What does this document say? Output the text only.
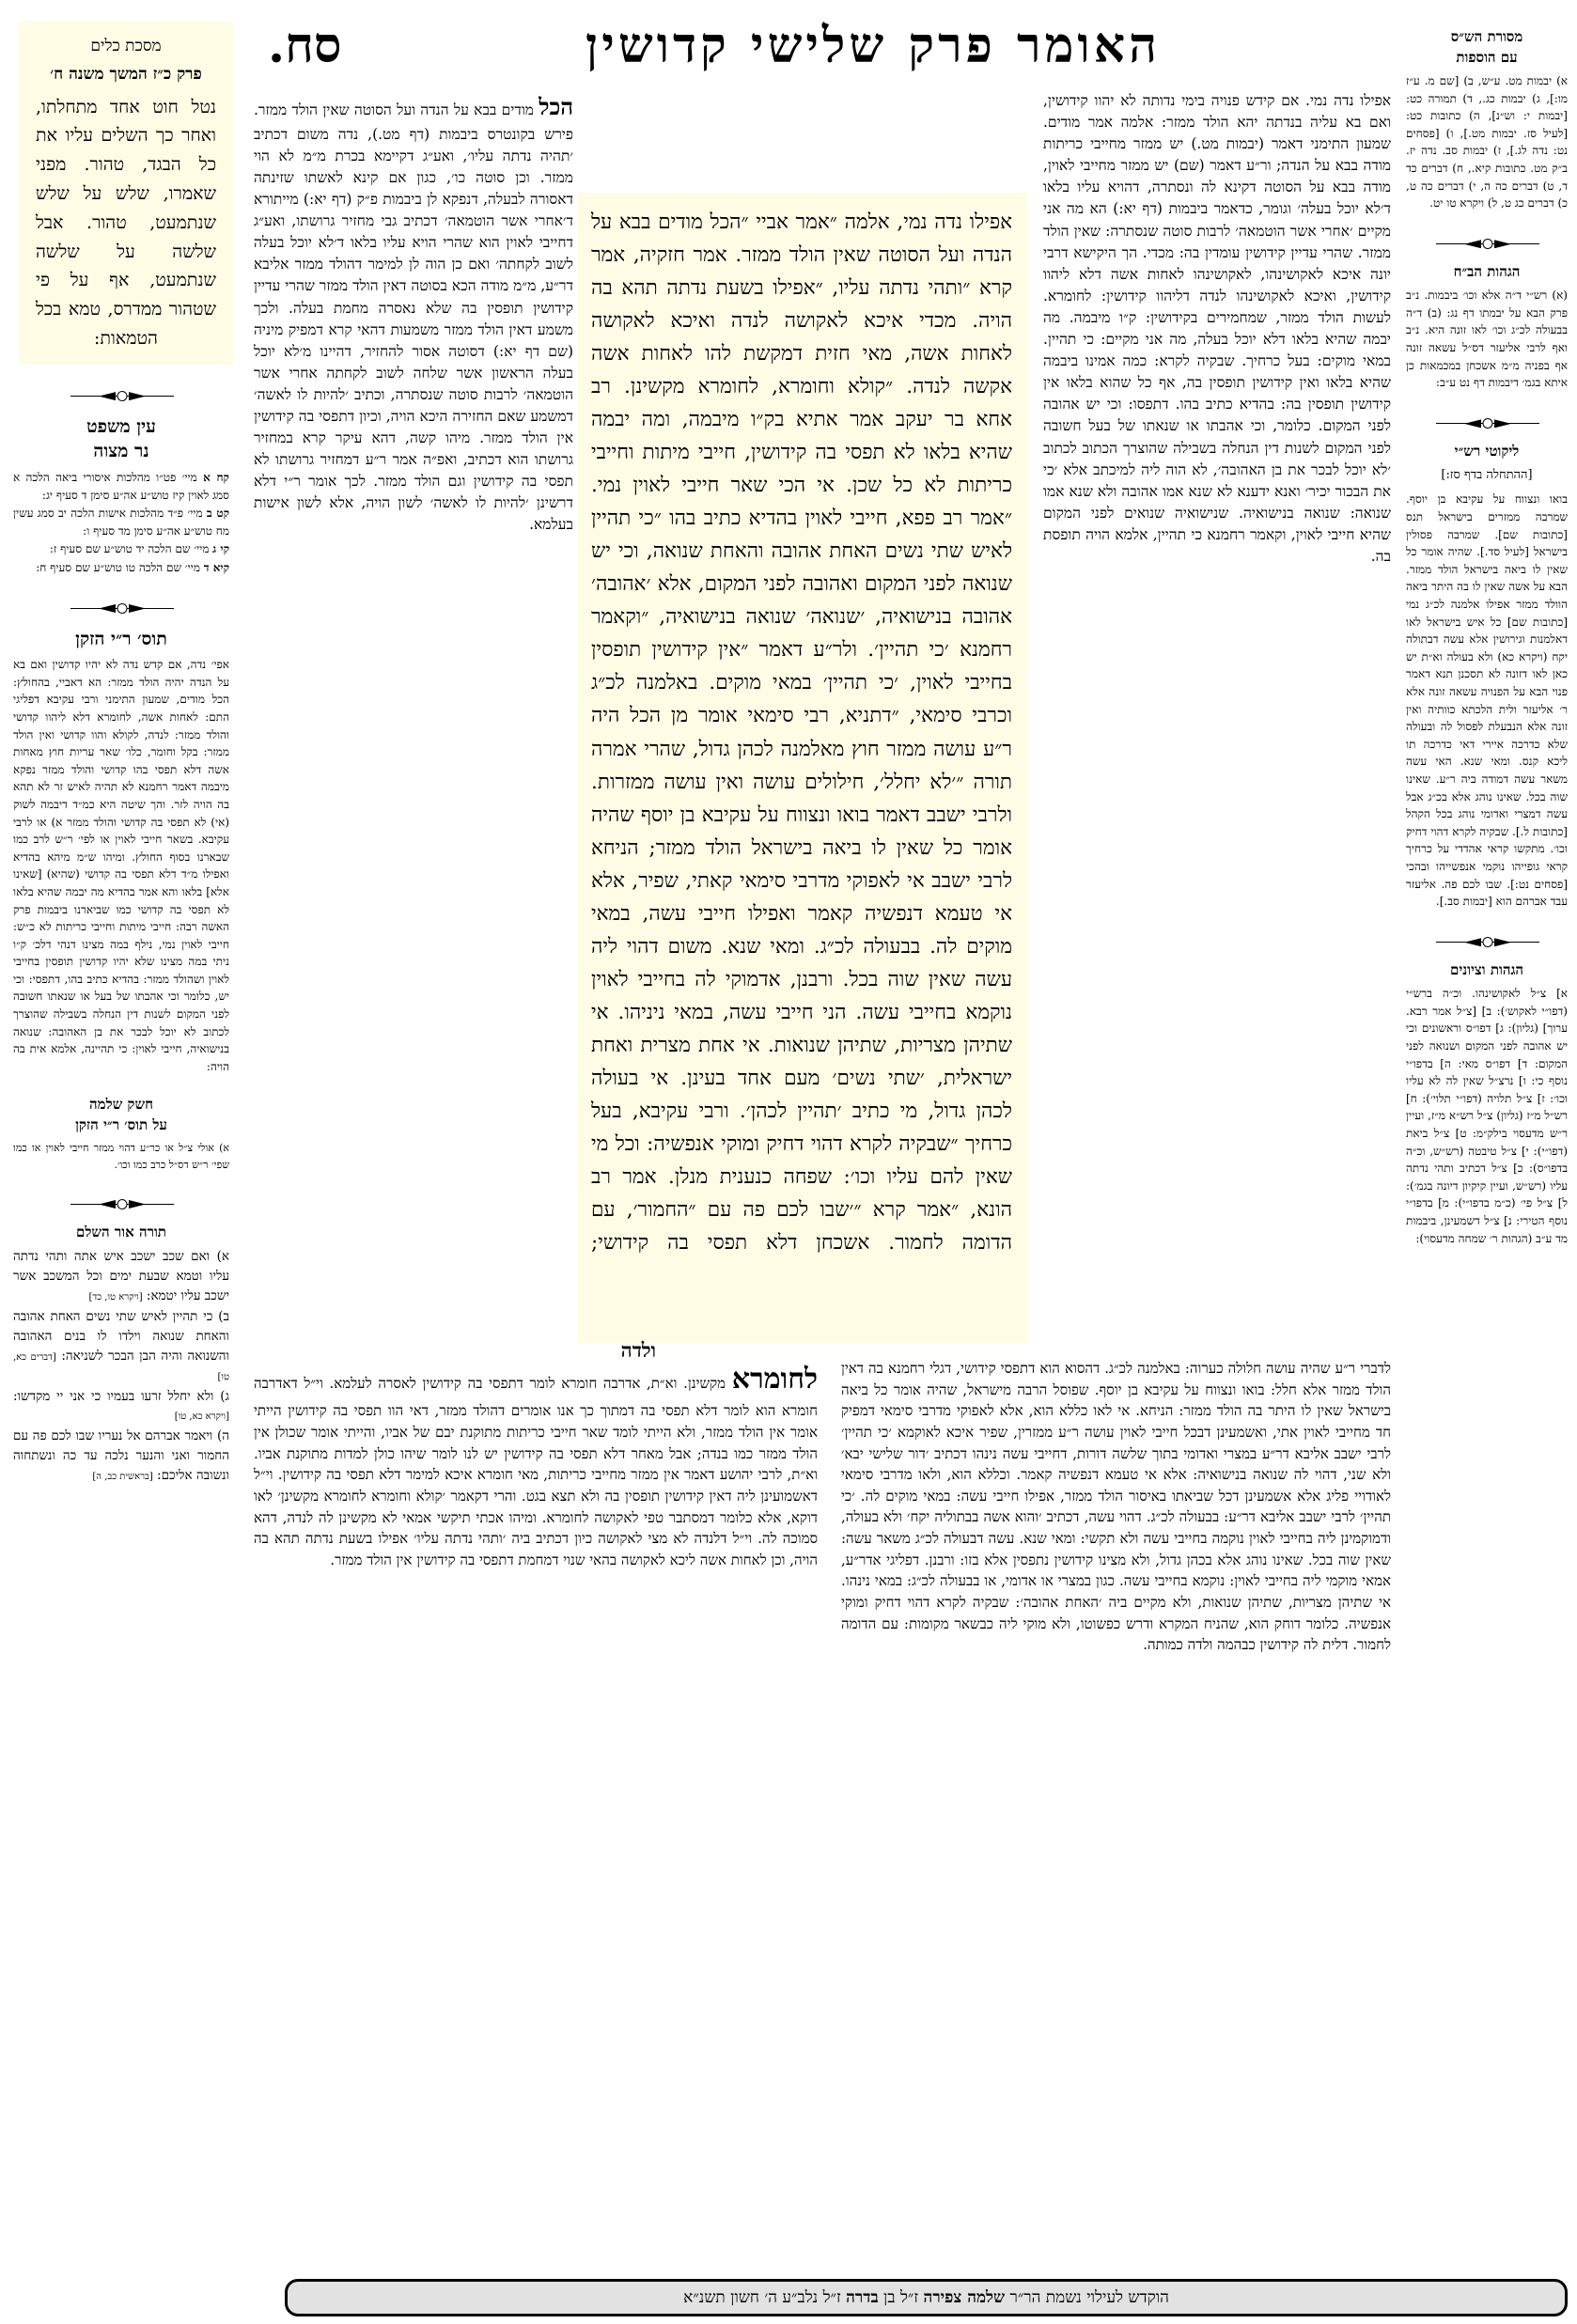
האומר פרק שלישי קדושין
סח.
מסכת כלים
פרק כ״ז המשך משנה ח׳
נטל חוט אחד מתחלתו, ואחר כך השלים עליו את כל הבגד, טהור. מפני שאמרו, שלש על שלש שנתמעט, טהור. אבל שלשה על שלשה שנתמעט, אף על פי שטהור ממדרס, טמא בכל הטמאות:
עין משפט
נר מצוה
קח א מיי׳ פט״ו מהלכות איסורי ביאה הלכה א סמג לאוין קיז טוש״ע אה״ע סימן ד סעיף יג:
קט ב מיי׳ פ״ד מהלכות אישות הלכה יב סמג עשין מח טוש״ע אה״ע סימן מד סעיף ו:
קי ג מיי׳ שם הלכה יד טוש״ע שם סעיף ז:
קיא ד מיי׳ שם הלכה טו טוש״ע שם סעיף ח:
תוס׳ ר״י הזקן
אפי׳ נדה, אם קדש נדה לא יהיו קדושין ואם בא על הנדה יהיה הולד ממזר: הא דאביי, בהחולץ: הכל מודים, שמעון התימני ורבי עקיבא דפליגי התם: לאחות אשה, לחומרא דלא ליהוו קדושי והולד ממזר: לנדה, לקולא והוו קדושי ואין הולד ממזר: בקל וחומר, כלו׳ שאר עריות חוץ מאחות אשה דלא תפסי בהו קדושי והולד ממזר נפקא מיבמה דאמר רחמנא לא תהיה לאיש זר לא תהא בה הויה לזר. והך שיטה היא כמ״ד דיבמה לשוק (אי) לא תפסי בה קדושי והולד ממזר א) או לרבי עקיבא. בשאר חייבי לאוין או לפי׳ ר״ש לרב כמו שבארנו בסוף החולץ. ומיהו ש״מ מיהא בהדיא ואפילו מ״ד דלא תפסי בה קדושי (שהיא) [שאינו אלא] בלאו והא אמר בהדיא מה יבמה שהיא בלאו לא תפסי בה קדושי כמו שביארנו ביבמות פרק האשה רבה: חייבי מיתות וחייבי כריתות לא כ״ש: חייבי לאוין נמי, נילף במה מצינו דנהי דלכ׳ ק״ו ניתי במה מצינו שלא יהיו קדושין תופסין בחייבי לאוין ושהולד ממזר: בהדיא כתיב בהו, דתפסי: וכי יש, כלומר וכי אהבתו של בעל או שנאתו חשובה לפני המקום לשנות דין הנחלה בשבילה שהוצרך לכתוב לא יוכל לבכר את בן האהובה: שנואה בנישואיה, חייבי לאוין: כי תהיינה, אלמא אית בה הויה:
חשק שלמה
על תוס׳ ר״י הזקן
א) אולי צ״ל או כר״ע דהוי ממזר חייבי לאוין או כמו שפי׳ ר״ש דס״ל כרב כמו וכו׳.
תורה אור השלם
א) ואם שכב ישכב איש אתה ותהי נדתה עליו וטמא שבעת ימים וכל המשכב אשר ישכב עליו יטמא: [ויקרא טו, כד]
ב) כי תהיין לאיש שתי נשים האחת אהובה והאחת שנואה וילדו לו בנים האהובה והשנואה והיה הבן הבכר לשניאה: [דברים כא, טו]
ג) ולא יחלל זרעו בעמיו כי אני יי מקדשו: [ויקרא כא, טו]
ה) ויאמר אברהם אל נעריו שבו לכם פה עם החמור ואני והנער נלכה עד כה ונשתחוה ונשובה אליכם: [בראשית כב, ה]
מסורת הש״ס
עם הוספות
א) יבמות מט. ע״ש, ב) [שם מ. ע״ז מו:], ג) יבמות כג., ד) תמורה כט: [יבמות י: וש״נ], ה) כתובות כט: [לעיל סז. יבמות מט.], ו) [פסחים נט: נדה לג.], ז) יבמות סב. נדה יז. ב״ק מט. כתובות קיא., ח) דברים כד ד, ט) דברים כה ה, י) דברים כה ט, כ) דברים כג ט, ל) ויקרא טו יט.
הגהות הב״ח
(א) רש״י ד״ה אלא וכו׳ ביבמות. נ״ב פרק הבא על יבמתו דף נג: (ב) ד״ה בבעולה לכ״ג וכו׳ לאו זונה היא. נ״ב ואף לרבי אליעזר דס״ל עשאה זונה אף בפניה מ״מ אשכחן במכמאות כן איתא בגמ׳ דיבמות דף נט ע״ב:
ליקוטי רש״י
[ההתחלה בדף סז:]
בואו ונצווח על עקיבא בן יוסף. שמרבה ממזרים בישראל תנס [כתובות שם]. שמרבה פסולין בישראל [לעיל סד.]. שהיה אומר כל שאין לו ביאה בישראל הולד ממזר. הבא על אשה שאין לו בה היתר ביאה הוולד ממזר אפילו אלמנה לכ״ג נמי [כתובות שם] כל איש בישראל לאו דאלמנות וגירושין אלא עשה דבתולה יקח (ויקרא כא) ולא בעולה וא״ת יש כאן לאו דזונה לא תסכנן תנא דאמר פנוי הבא על הפנויה עשאה זונה אלא ר׳ אליעזר ולית הלכתא כוותיה ואין זונה אלא הנבעלת לפסול לה ובעולה שלא כדרכה איירי דאי כדרכה תו ליכא קנס. ומאי שנא. האי עשה משאר עשה דמודה ביה ר״ע. שאינו שוה בכל. שאינו נוהג אלא בכ״ג אבל עשה דמצרי ואדומי נוהג בכל הקהל [כתובות ל.]. שבקיה לקרא דהוי דחיק וכו׳. מתקשו קראי אהדדי על כרחיך קראי גופייהו נוקמי אנפשייהו ובהכי [פסחים נט:]. שבו לכם פה. אליעזר עבד אברהם הוא [יבמות סב.].
הגהות וציונים
א] צ״ל לאקושינהו. וכ״ה ברש״י (דפו״י לאקוש׳): ב] [צ״ל אמר רבא. ערוך] (גליון): ג] דפו״ס וראשונים וכי יש אהובה לפני המקום ושנואה לפני המקום: ד] דפו״ס מאי: ה] בדפו״י נוסף כי: ו] נרצ״ל שאין לה לא עליו וכו׳: ז] צ״ל תלויה (דפו״י תלוי׳): ח] רש״ל מ״ז (גליון) צ״ל רש״א מ״ז, ועיין ר״ש מדעסוי בילק״מ: ט] צ״ל ביאת (דפו״י): י] צ״ל טיבטה (רש״ש, וכ״ה בדפו״ס): כ] צ״ל דכתיב ותהי נדתה עליו (רש״ש, ועיין קיקיון דיונה בגמ׳): ל] צ״ל פי׳ (כ״מ בדפו״י): מ] בדפו״י נוסף הטירי: נ] צ״ל דשמעינן, ביבמות מד ע״ב (הגהות ר׳ שמחה מדעסוי):
אפילו נדה נמי. אם קידש פנויה בימי נדותה לא יהוו קידושין, ואם בא עליה בנדתה יהא הולד ממזר: אלמה אמר מודים. שמעון התימני דאמר (יבמות מט.) יש ממזר מחייבי כריתות מודה בבא על הנדה; ור״ע דאמר (שם) יש ממזר מחייבי לאוין, מודה בבא על הסוטה דקינא לה ונסתרה, דהויא עליו בלאו ד׳לא יוכל בעלה׳ וגומר, כדאמר ביבמות (דף יא:) הא מה אני מקיים ׳אחרי אשר הוטמאה׳ לרבות סוטה שנסתרה: שאין הולד ממזר. שהרי עדיין קידושין עומדין בה: מכדי. הך היקישא דרבי יונה איכא לאקושינהו, לאקושינהו לאחות אשה דלא ליהוו קידושין, ואיכא לאקושינהו לנדה דליהוו קידושין: לחומרא. לעשות הולד ממזר, שמחמירים בקידושין: ק״ו מיבמה. מה יבמה שהיא בלאו דלא יוכל בעלה, מה אני מקיים: כי תהיין. במאי מוקים: בעל כרחיך. שבקיה לקרא: כמה אמינו ביבמה שהיא בלאו ואין קידושין תופסין בה, אף כל שהוא בלאו אין קידושין תופסין בה: בהדיא כתיב בהו. דתפסו: וכי יש אהובה לפני המקום. כלומר, וכי אהבתו או שנאתו של בעל חשובה לפני המקום לשנות דין הנחלה בשבילה שהוצרך הכתוב לכתוב ׳לא יוכל לבכר את בן האהובה׳, לא הוה ליה למיכתב אלא ׳כי את הבכור יכיר׳ ואנא ידענא לא שנא אמו אהובה ולא שנא אמו שנואה: שנואה בנישואיה. שנישואיה שנואים לפני המקום שהיא חייבי לאוין, וקאמר רחמנא כי תהיין, אלמא הויה תופסת בה.
הכל מודים בבא על הנדה ועל הסוטה שאין הולד ממזר. פירש בקונטרס ביבמות (דף מט.), נדה משום דכתיב ׳תהיה נדתה עליו׳, ואע״ג דקיימא בכרת מ״מ לא הוי ממזר. וכן סוטה כו׳, כגון אם קינא לאשתו שזינתה דאסורה לבעלה, דנפקא לן ביבמות פ״ק (דף יא:) מייתורא ד׳אחרי אשר הוטמאה׳ דכתיב גבי מחזיר גרושתו, ואע״ג דחייבי לאוין הוא שהרי הויא עליו בלאו ד׳לא יוכל בעלה לשוב לקחתה׳ ואם כן הוה לן למימר דהולד ממזר אליבא דר״ע, מ״מ מודה הכא בסוטה דאין הולד ממזר שהרי עדיין קידושין תופסין בה שלא נאסרה מחמת בעלה. ולכך משמע דאין הולד ממזר משמעות דהאי קרא דמפיק מיניה (שם דף יא:) דסוטה אסור להחזיר, דהיינו מ׳לא יוכל בעלה הראשון אשר שלחה לשוב לקחתה אחרי אשר הוטמאה׳ לרבות סוטה שנסתרה, וכתיב ׳להיות לו לאשה׳ דמשמע שאם החזירה היכא הויה, וכיון דתפסי בה קידושין אין הולד ממזר. מיהו קשה, דהא עיקר קרא במחזיר גרושתו הוא דכתיב, ואפ״ה אמר ר״ע דמחזיר גרושתו לא תפסי בה קידושין וגם הולד ממזר. לכך אומר ר״י דלא דרשינן ׳להיות לו לאשה׳ לשון הויה, אלא לשון אישות בעלמא.

אפילו נדה נמי, אלמה ״אמר אביי ״הכל מודים בבא על הנדה ועל הסוטה שאין הולד ממזר. אמר חזקיה, אמר קרא ״ותהי נדתה עליו, ״אפילו בשעת נדתה תהא בה הויה. מכדי איכא לאקושה לנדה ואיכא לאקושה לאחות אשה, מאי חזית דמקשת להו לאחות אשה אקשה לנדה. ״קולא וחומרא, לחומרא מקשינן. רב אחא בר יעקב אמר אתיא בק״ו מיבמה, ומה יבמה שהיא בלאו לא תפסי בה קידושין, חייבי מיתות וחייבי כריתות לא כל שכן. אי הכי שאר חייבי לאוין נמי. ״אמר רב פפא, חייבי לאוין בהדיא כתיב בהו ״כי תהיין לאיש שתי נשים האחת אהובה והאחת שנואה, וכי יש שנואה לפני המקום ואהובה לפני המקום, אלא ׳אהובה׳ אהובה בנישואיה, ׳שנואה׳ שנואה בנישואיה, ״וקאמר רחמנא ׳כי תהיין׳. ולר״ע דאמר ״אין קידושין תופסין בחייבי לאוין, ׳כי תהיין׳ במאי מוקים. באלמנה לכ״ג וכרבי סימאי, ״דתניא, רבי סימאי אומר מן הכל היה ר״ע עושה ממזר חוץ מאלמנה לכהן גדול, שהרי אמרה תורה ״׳לא יחלל׳, חילולים עושה ואין עושה ממזרות. ולרבי ישבב דאמר בואו ונצווח על עקיבא בן יוסף שהיה אומר כל שאין לו ביאה בישראל הולד ממזר; הניחא לרבי ישבב אי לאפוקי מדרבי סימאי קאתי, שפיר, אלא אי טעמא דנפשיה קאמר ואפילו חייבי עשה, במאי מוקים לה. בבעולה לכ״ג. ומאי שנא. משום דהוי ליה עשה שאין שוה בכל. ורבנן, אדמוקי לה בחייבי לאוין נוקמא בחייבי עשה. הני חייבי עשה, במאי ניניהו. אי שתיהן מצריות, שתיהן שנואות. אי אחת מצרית ואחת ישראלית, ׳שתי נשים׳ מעם אחד בעינן. אי בעולה לכהן גדול, מי כתיב ׳תהיין לכהן׳. ורבי עקיבא, בעל כרחיך ״שבקיה לקרא דהוי דחיק ומוקי אנפשיה: וכל מי שאין להם עליו וכו׳: שפחה כנענית מנלן. אמר רב הונא, ״אמר קרא ״׳שבו לכם פה עם ״החמור׳, עם הדומה לחמור. אשכחן דלא תפסי בה קידושי;

ולדה
לדברי ר״ע שהיה עושה חלולה כערוה: באלמנה לכ״ג. דהסוא הוא דתפסי קידושי, דגלי רחמנא בה דאין הולד ממזר אלא חלל: בואו ונצווח על עקיבא בן יוסף. שפוסל הרבה מישראל, שהיה אומר כל ביאה בישראל שאין לו היתר בה הולד ממזר: הניחא. אי לאו כללא הוא, אלא לאפוקי מדרבי סימאי דמפיק חד מחייבי לאוין אתי, ואשמעינן דבכל חייבי לאוין עושה ר״ע ממזרין, שפיר איכא לאוקמא ׳כי תהיין׳ לרבי ישבב אליבא דר״ע במצרי ואדומי בתוך שלשה דורות, דחייבי עשה נינהו דכתיב ׳דור שלישי יבא׳ ולא שני, דהוי לה שנואה בנישואיה: אלא אי טעמא דנפשיה קאמר. וכללא הוא, ולאו מדרבי סימאי לאודויי פליג אלא אשמעינן דכל שביאתו באיסור הולד ממזר, אפילו חייבי עשה: במאי מוקים לה. ׳כי תהיין׳ לרבי ישבב אליבא דר״ע: בבעולה לכ״ג. דהוי עשה, דכתיב ׳והוא אשה בבתוליה יקח׳ ולא בעולה, ודמוקמינן ליה בחייבי לאוין נוקמה בחייבי עשה ולא תקשי: ומאי שנא. עשה דבעולה לכ״ג משאר עשה: שאין שוה בכל. שאינו נוהג אלא בכהן גדול, ולא מצינו קידושין נתפסין אלא בזו: ורבנן. דפליגי אדר״ע, אמאי מוקמי ליה בחייבי לאוין: נוקמא בחייבי עשה. כגון במצרי או אדומי, או בבעולה לכ״ג: במאי נינהו. אי שתיהן מצריות, שתיהן שנואות, ולא מקיים ביה ׳האחת אהובה׳: שבקיה לקרא דהוי דחיק ומוקי אנפשיה. כלומר דוחק הוא, שהניח המקרא ודרש כפשוטו, ולא מוקי ליה כבשאר מקומות: עם הדומה לחמור. דלית לה קידושין כבהמה ולדה כמותה.
לחומרא מקשינן. וא״ת, אדרבה חומרא לומר דתפסי בה קידושין לאסרה לעלמא. וי״ל דאדרבה חומרא הוא לומר דלא תפסי בה דמתוך כך אנו אומרים דהולד ממזר, דאי הוו תפסי בה קידושין הייתי אומר אין הולד ממזר, ולא הייתי לומד שאר חייבי כריתות מתוקנת יבם של אביו, והייתי אומר שכולן אין הולד ממזר כמו בנדה; אבל מאחר דלא תפסי בה קידושין יש לנו לומר שיהו כולן למדות מתוקנת אביו. וא״ת, לרבי יהושע דאמר אין ממזר מחייבי כריתות, מאי חומרא איכא למימר דלא תפסי בה קידושין. וי״ל דאשמועינן ליה דאין קידושין תופסין בה ולא תצא בגט. והרי דקאמר ׳קולא וחומרא לחומרא מקשינן׳ לאו דוקא, אלא כלומר דמסתבר טפי לאקושה לחומרא. ומיהו אכתי תיקשי אמאי לא מקשינן לה לנדה, דהא סמוכה לה. וי״ל דלנדה לא מצי לאקושה כיון דכתיב ביה ׳ותהי נדתה עליו׳ אפילו בשעת נדתה תהא בה הויה, וכן לאחות אשה ליכא לאקושה בהאי שנוי דמחמת דתפסי בה קידושין אין הולד ממזר.
הוקדש לעילוי נשמת הר״ר שלמה צפירה ז״ל בן בדרה ז״ל נלב״ע ה׳ חשון תשנ״א
